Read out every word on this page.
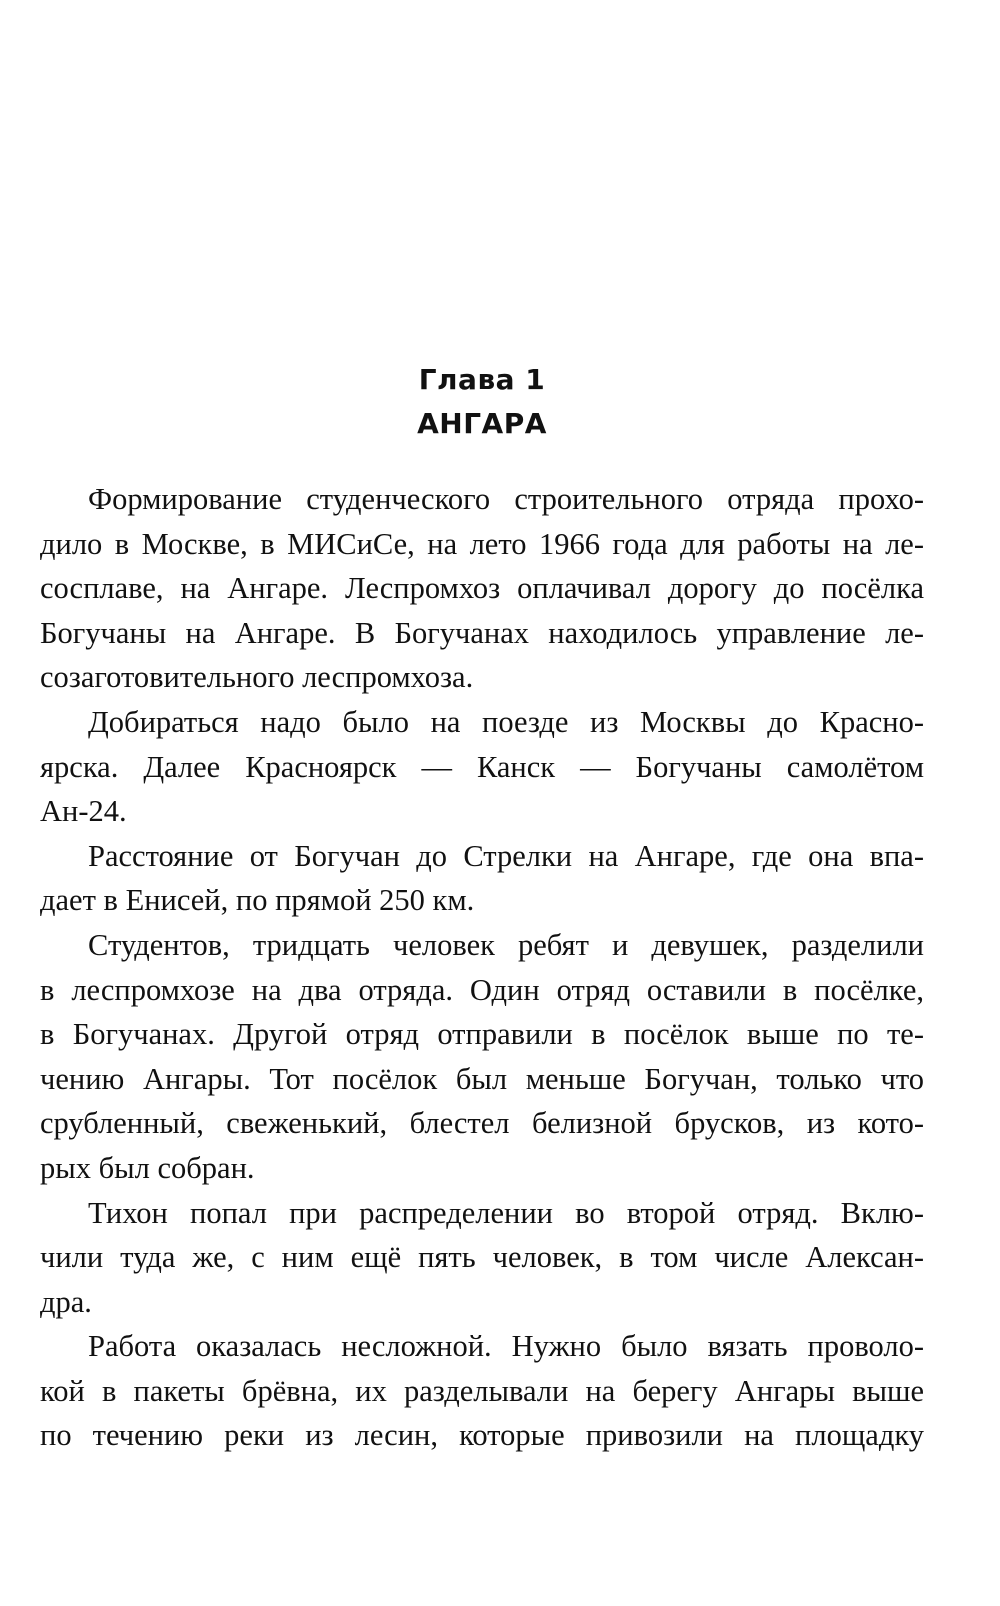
Глава 1
АНГАРА
Формирование студенческого строительного отряда прохо-
дило в Москве, в МИСиСе, на лето 1966 года для работы на ле-
сосплаве, на Ангаре. Леспромхоз оплачивал дорогу до посёлка
Богучаны на Ангаре. В Богучанах находилось управление ле-
созаготовительного леспромхоза.
Добираться надо было на поезде из Москвы до Красно-
ярска. Далее Красноярск — Канск — Богучаны самолётом
Ан-24.
Расстояние от Богучан до Стрелки на Ангаре, где она впа-
дает в Енисей, по прямой 250 км.
Студентов, тридцать человек ребят и девушек, разделили
в леспромхозе на два отряда. Один отряд оставили в посёлке,
в Богучанах. Другой отряд отправили в посёлок выше по те-
чению Ангары. Тот посёлок был меньше Богучан, только что
срубленный, свеженький, блестел белизной брусков, из кото-
рых был собран.
Тихон попал при распределении во второй отряд. Вклю-
чили туда же, с ним ещё пять человек, в том числе Алексан-
дра.
Работа оказалась несложной. Нужно было вязать проволо-
кой в пакеты брёвна, их разделывали на берегу Ангары выше
по течению реки из лесин, которые привозили на площадку
